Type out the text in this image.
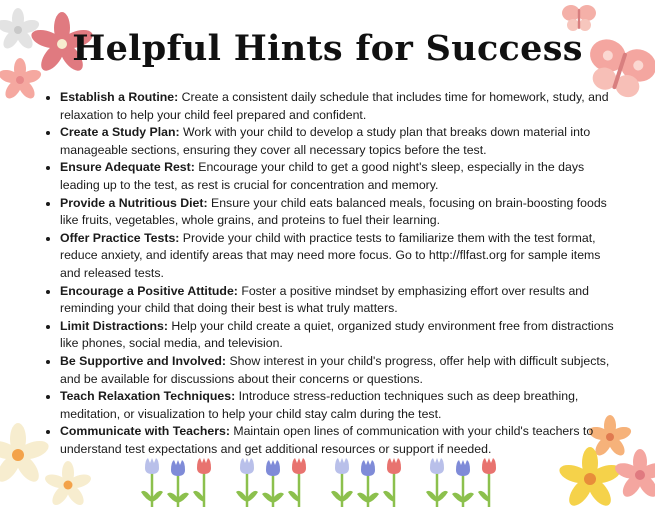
Helpful Hints for Success
• Establish a Routine: Create a consistent daily schedule that includes time for homework, study, and relaxation to help your child feel prepared and confident.
• Create a Study Plan: Work with your child to develop a study plan that breaks down material into manageable sections, ensuring they cover all necessary topics before the test.
• Ensure Adequate Rest: Encourage your child to get a good night's sleep, especially in the days leading up to the test, as rest is crucial for concentration and memory.
• Provide a Nutritious Diet: Ensure your child eats balanced meals, focusing on brain-boosting foods like fruits, vegetables, whole grains, and proteins to fuel their learning.
• Offer Practice Tests: Provide your child with practice tests to familiarize them with the test format, reduce anxiety, and identify areas that may need more focus. Go to http://flfast.org for sample items and released tests.
• Encourage a Positive Attitude: Foster a positive mindset by emphasizing effort over results and reminding your child that doing their best is what truly matters.
• Limit Distractions: Help your child create a quiet, organized study environment free from distractions like phones, social media, and television.
• Be Supportive and Involved: Show interest in your child's progress, offer help with difficult subjects, and be available for discussions about their concerns or questions.
• Teach Relaxation Techniques: Introduce stress-reduction techniques such as deep breathing, meditation, or visualization to help your child stay calm during the test.
• Communicate with Teachers: Maintain open lines of communication with your child's teachers to understand test expectations and get additional resources or support if needed.
